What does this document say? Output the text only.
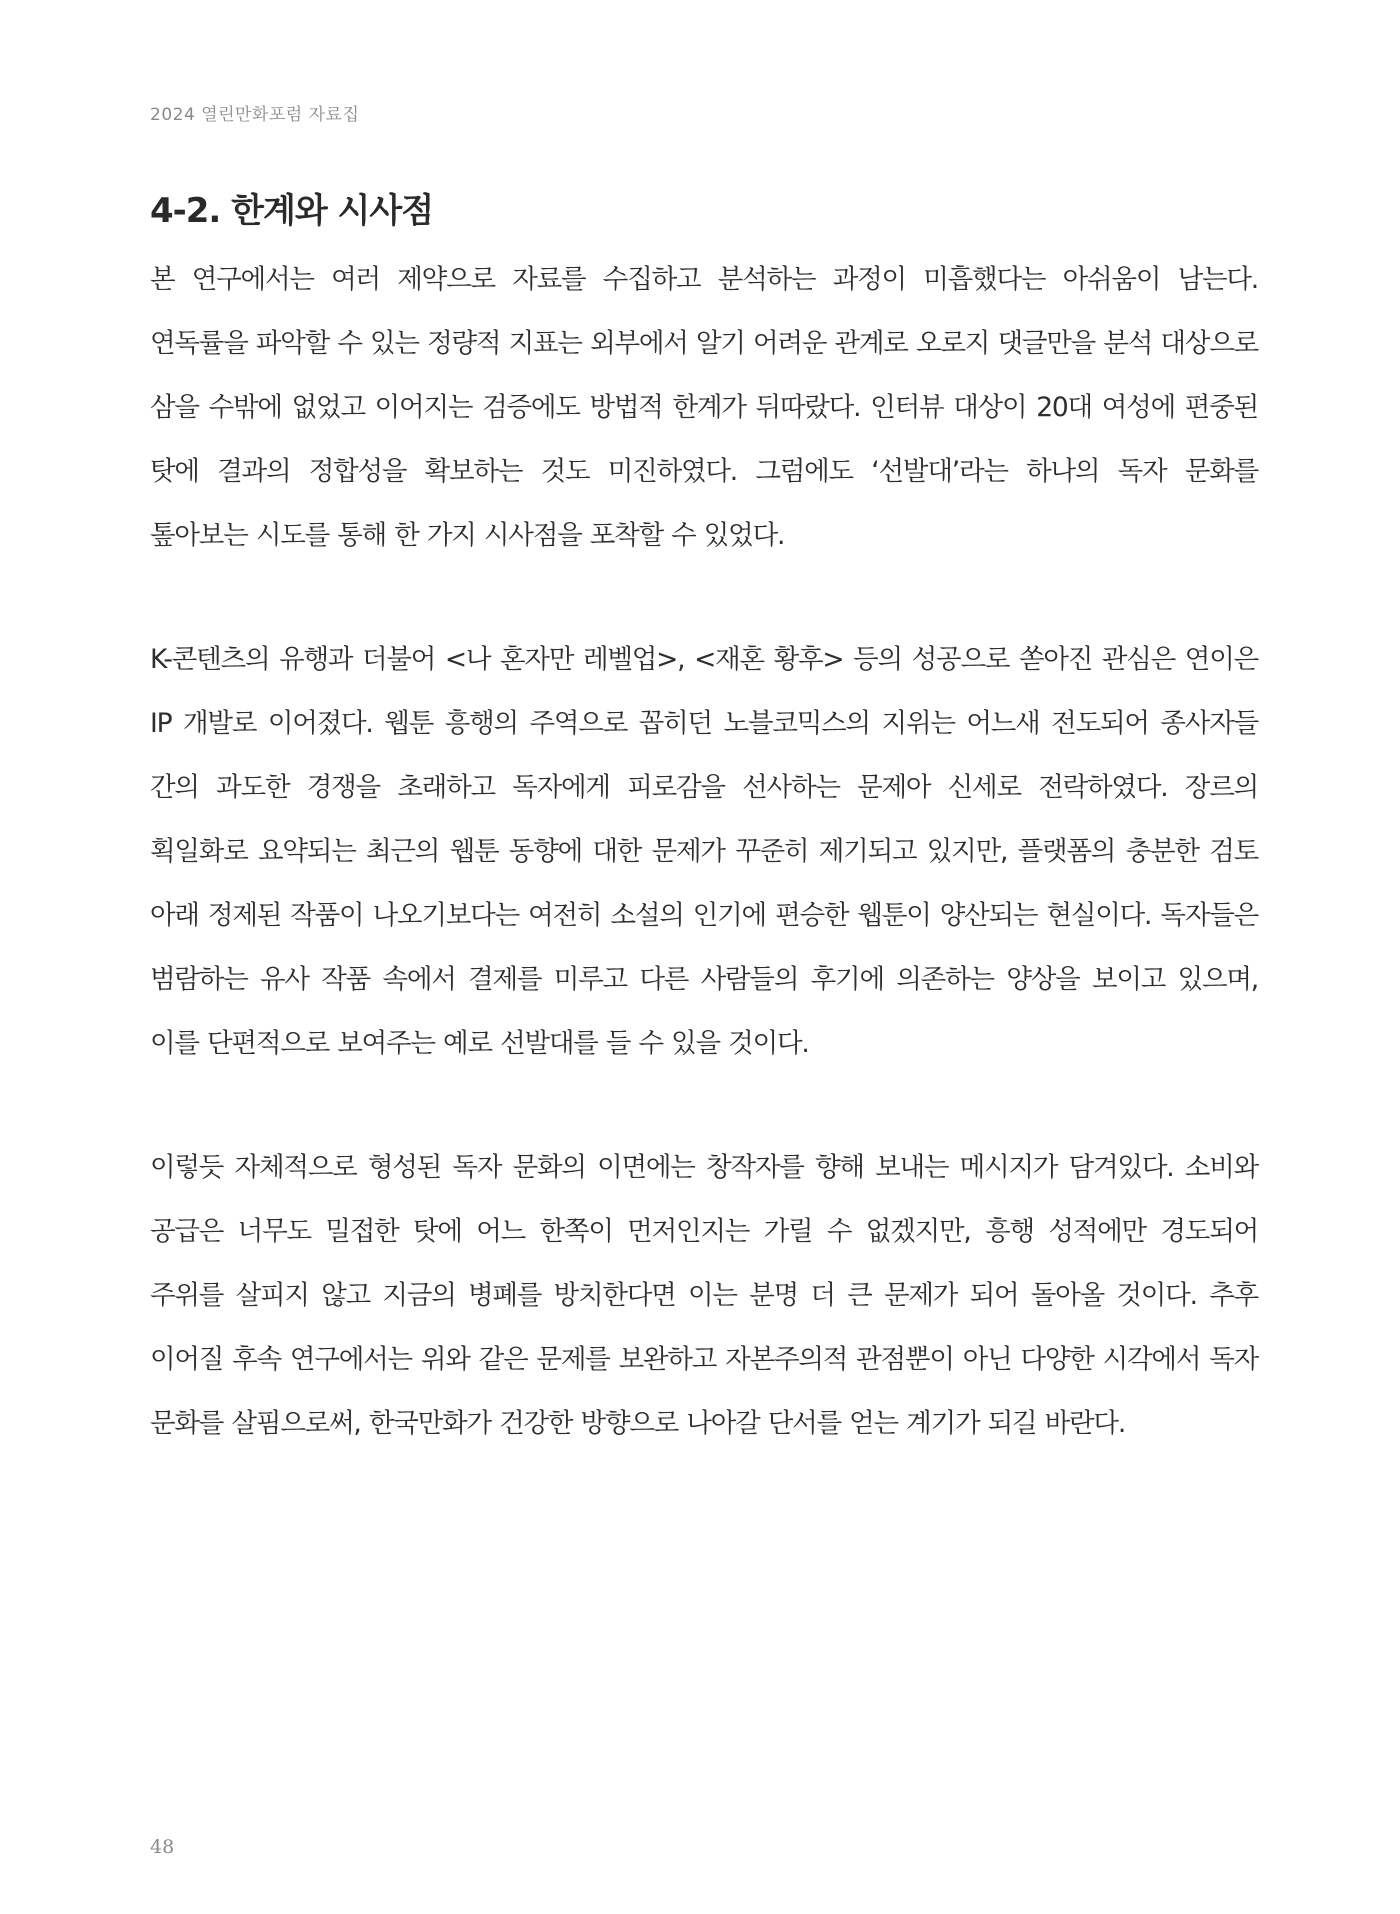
2024 열린만화포럼 자료집
4-2. 한계와 시사점

본 연구에서는 여러 제약으로 자료를 수집하고 분석하는 과정이 미흡했다는 아쉬움이 남는다. 연독률을 파악할 수 있는 정량적 지표는 외부에서 알기 어려운 관계로 오로지 댓글만을 분석 대상으로 삼을 수밖에 없었고 이어지는 검증에도 방법적 한계가 뒤따랐다. 인터뷰 대상이 20대 여성에 편중된 탓에 결과의 정합성을 확보하는 것도 미진하였다. 그럼에도 ‘선발대’라는 하나의 독자 문화를 톺아보는 시도를 통해 한 가지 시사점을 포착할 수 있었다.

K-콘텐츠의 유행과 더불어 <나 혼자만 레벨업>, <재혼 황후> 등의 성공으로 쏟아진 관심은 연이은 IP 개발로 이어졌다. 웹툰 흥행의 주역으로 꼽히던 노블코믹스의 지위는 어느새 전도되어 종사자들 간의 과도한 경쟁을 초래하고 독자에게 피로감을 선사하는 문제아 신세로 전락하였다. 장르의 획일화로 요약되는 최근의 웹툰 동향에 대한 문제가 꾸준히 제기되고 있지만, 플랫폼의 충분한 검토 아래 정제된 작품이 나오기보다는 여전히 소설의 인기에 편승한 웹툰이 양산되는 현실이다. 독자들은 범람하는 유사 작품 속에서 결제를 미루고 다른 사람들의 후기에 의존하는 양상을 보이고 있으며, 이를 단편적으로 보여주는 예로 선발대를 들 수 있을 것이다.

이렇듯 자체적으로 형성된 독자 문화의 이면에는 창작자를 향해 보내는 메시지가 담겨있다. 소비와 공급은 너무도 밀접한 탓에 어느 한쪽이 먼저인지는 가릴 수 없겠지만, 흥행 성적에만 경도되어 주위를 살피지 않고 지금의 병폐를 방치한다면 이는 분명 더 큰 문제가 되어 돌아올 것이다. 추후 이어질 후속 연구에서는 위와 같은 문제를 보완하고 자본주의적 관점뿐이 아닌 다양한 시각에서 독자 문화를 살핌으로써, 한국만화가 건강한 방향으로 나아갈 단서를 얻는 계기가 되길 바란다.

48
